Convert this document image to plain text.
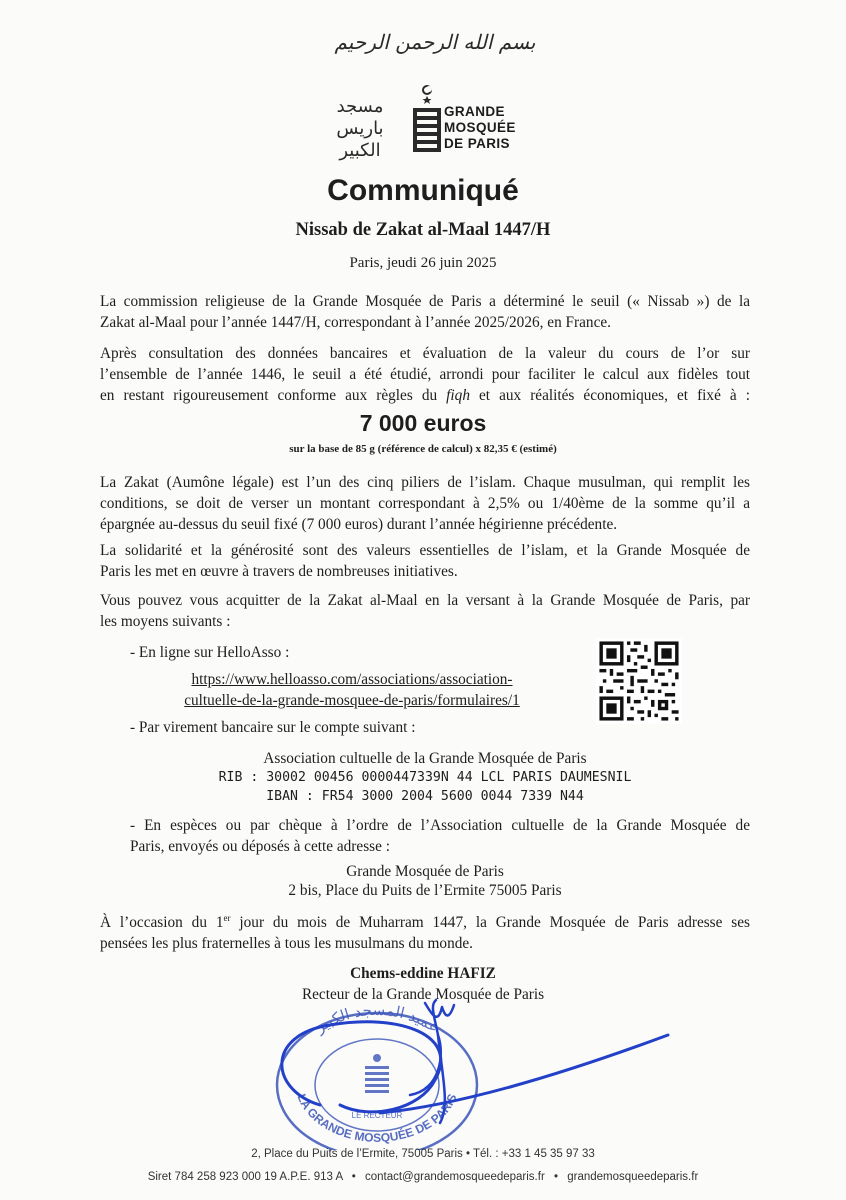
بسم الله الرحمن الرحيم
مسجد باريس الكبير
GRANDE
MOSQUÉE
DE PARIS
Communiqué
Nissab de Zakat al-Maal 1447/H
Paris, jeudi 26 juin 2025
La commission religieuse de la Grande Mosquée de Paris a déterminé le seuil (« Nissab ») de la
Zakat al-Maal pour l’année 1447/H, correspondant à l’année 2025/2026, en France.
Après consultation des données bancaires et évaluation de la valeur du cours de l’or sur
l’ensemble de l’année 1446, le seuil a été étudié, arrondi pour faciliter le calcul aux fidèles tout
en restant rigoureusement conforme aux règles du fiqh et aux réalités économiques, et fixé à :
7 000 euros
sur la base de 85 g (référence de calcul) x 82,35 € (estimé)
La Zakat (Aumône légale) est l’un des cinq piliers de l’islam. Chaque musulman, qui remplit les
conditions, se doit de verser un montant correspondant à 2,5% ou 1/40ème de la somme qu’il a
épargnée au-dessus du seuil fixé (7 000 euros) durant l’année hégirienne précédente.
La solidarité et la générosité sont des valeurs essentielles de l’islam, et la Grande Mosquée de
Paris les met en œuvre à travers de nombreuses initiatives.
Vous pouvez vous acquitter de la Zakat al-Maal en la versant à la Grande Mosquée de Paris, par
les moyens suivants :
- En ligne sur HelloAsso :
https://www.helloasso.com/associations/association-
cultuelle-de-la-grande-mosquee-de-paris/formulaires/1
- Par virement bancaire sur le compte suivant :
Association cultuelle de la Grande Mosquée de Paris
RIB : 30002 00456 0000447339N 44 LCL PARIS DAUMESNIL
IBAN : FR54 3000 2004 5600 0044 7339 N44
- En espèces ou par chèque à l’ordre de l’Association cultuelle de la Grande Mosquée de
Paris, envoyés ou déposés à cette adresse :
Grande Mosquée de Paris
2 bis, Place du Puits de l’Ermite 75005 Paris
À l’occasion du 1er jour du mois de Muharram 1447, la Grande Mosquée de Paris adresse ses
pensées les plus fraternelles à tous les musulmans du monde.
Chems-eddine HAFIZ
Recteur de la Grande Mosquée de Paris
عميد المسجد الكبير
LA GRANDE MOSQUÉE DE PARIS
LE RECTEUR
2, Place du Puits de l’Ermite, 75005 Paris • Tél. : +33 1 45 35 97 33
Siret 784 258 923 000 19 A.P.E. 913 A • contact@grandemosqueedeparis.fr • grandemosqueedeparis.fr
